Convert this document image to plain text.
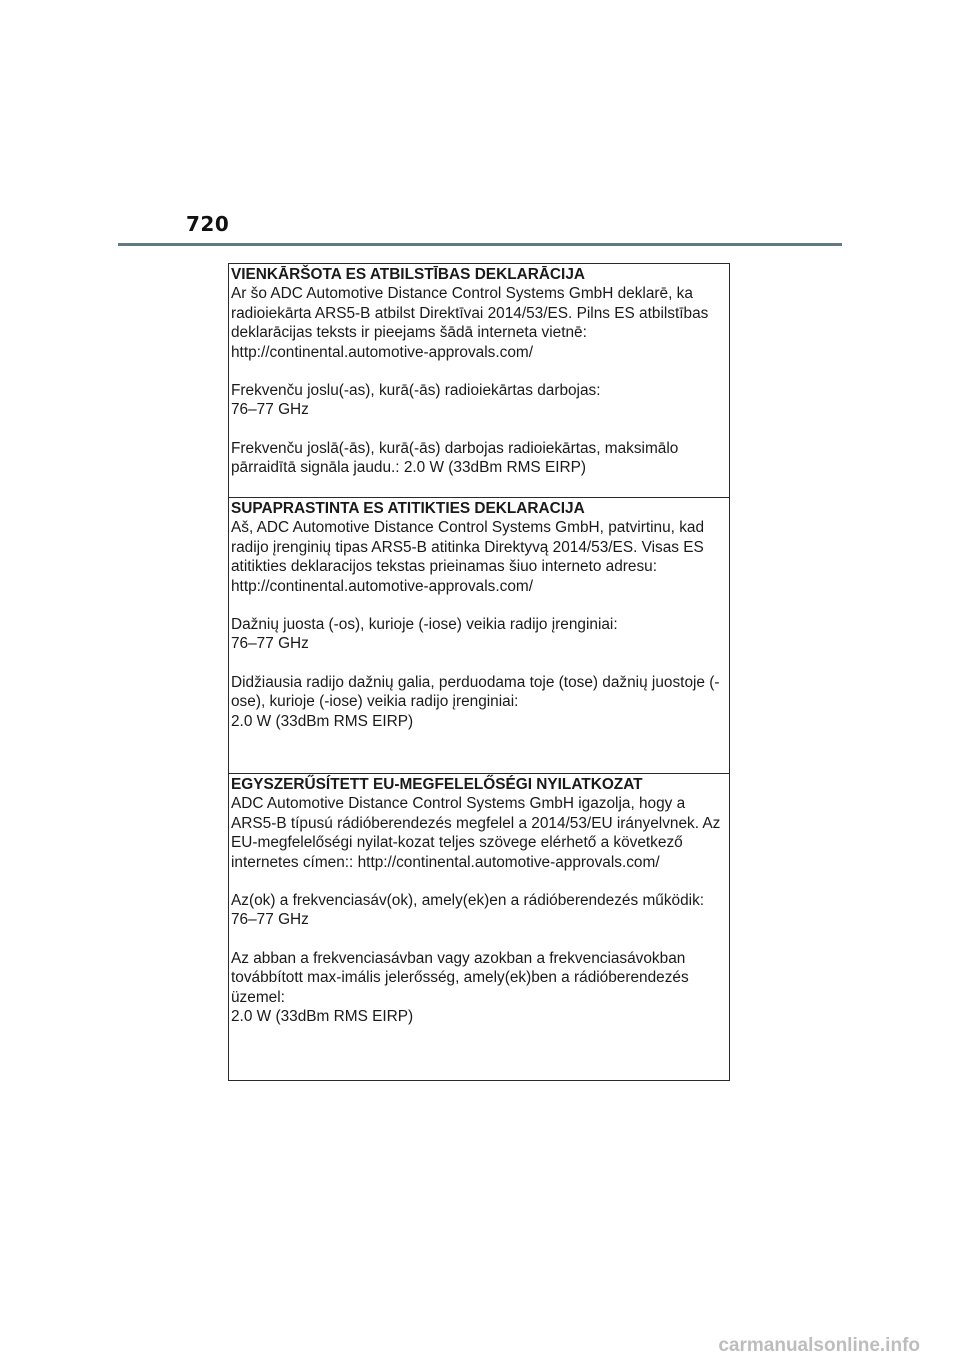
720
VIENKĀRŠOTA ES ATBILSTĪBAS DEKLARĀCIJA
Ar šo ADC Automotive Distance Control Systems GmbH deklarē, ka radioiekārta ARS5-B atbilst Direktīvai 2014/53/ES. Pilns ES atbilstības deklarācijas teksts ir pieejams šādā interneta vietnē: http://continental.automotive-approvals.com/
Frekvenču joslu(-as), kurā(-ās) radioiekārtas darbojas:
76–77 GHz
Frekvenču joslā(-ās), kurā(-ās) darbojas radioiekārtas, maksimālo pārraidītā signāla jaudu.: 2.0 W (33dBm RMS EIRP)
SUPAPRASTINTA ES ATITIKTIES DEKLARACIJA
Aš, ADC Automotive Distance Control Systems GmbH, patvirtinu, kad radijo įrenginių tipas ARS5-B atitinka Direktyvą 2014/53/ES. Visas ES atitikties deklaracijos tekstas prieinamas šiuo interneto adresu: http://continental.automotive-approvals.com/
Dažnių juosta (-os), kurioje (-iose) veikia radijo įrenginiai:
76–77 GHz
Didžiausia radijo dažnių galia, perduodama toje (tose) dažnių juostoje (-ose), kurioje (-iose) veikia radijo įrenginiai:
2.0 W (33dBm RMS EIRP)
EGYSZERŰSÍTETT EU-MEGFELELŐSÉGI NYILATKOZAT
ADC Automotive Distance Control Systems GmbH igazolja, hogy a ARS5-B típusú rádióberendezés megfelel a 2014/53/EU irányelvnek. Az EU-megfelelőségi nyilat-kozat teljes szövege elérhető a következő internetes címen:: http://continental.automotive-approvals.com/
Az(ok) a frekvenciasáv(ok), amely(ek)en a rádióberendezés működik: 76–77 GHz
Az abban a frekvenciasávban vagy azokban a frekvenciasávokban továbbított max-imális jelerősség, amely(ek)ben a rádióberendezés üzemel:
2.0 W (33dBm RMS EIRP)
carmanualsonline.info
